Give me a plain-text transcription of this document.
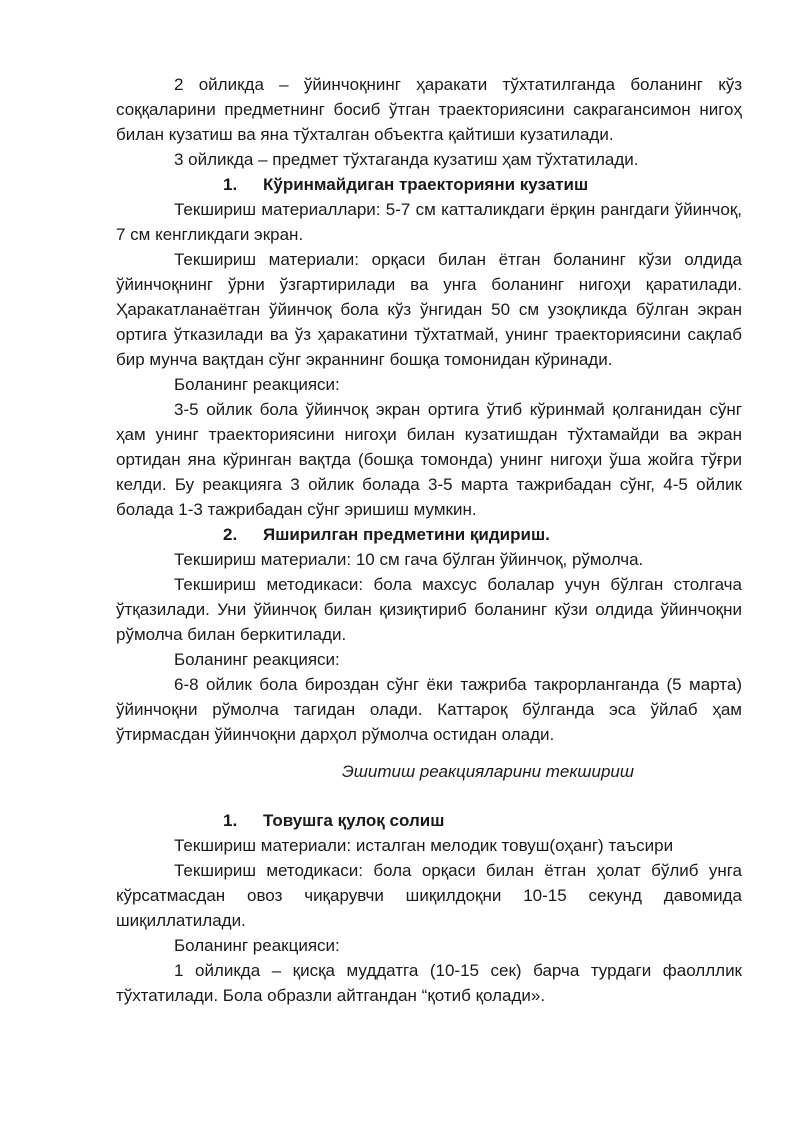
2 ойликда – ўйинчоқнинг ҳаракати тўхтатилганда боланинг кўз соққаларини предметнинг босиб ўтган траекториясини сакрагансимон нигоҳ билан кузатиш ва яна тўхталган объектга қайтиши кузатилади.

3 ойликда – предмет тўхтаганда кузатиш ҳам тўхтатилади.

1.	Кўринмайдиган траекторияни кузатиш

Текшириш материаллари: 5-7 см катталикдаги ёрқин рангдаги ўйинчоқ, 7 см кенгликдаги экран.

Текшириш материали: орқаси билан ётган боланинг кўзи олдида ўйинчоқнинг ўрни ўзгартирилади ва унга боланинг нигоҳи қаратилади. Ҳаракатланаётган ўйинчоқ бола кўз ўнгидан 50 см узоқликда бўлган экран ортига ўтказилади ва ўз ҳаракатини тўхтатмай, унинг траекториясини сақлаб бир мунча вақтдан сўнг экраннинг бошқа томонидан кўринади.

Боланинг реакцияси:

3-5 ойлик бола ўйинчоқ экран ортига ўтиб кўринмай қолганидан сўнг ҳам унинг траекториясини нигоҳи билан кузатишдан тўхтамайди ва экран ортидан яна кўринган вақтда (бошқа томонда) унинг нигоҳи ўша жойга тўғри келди. Бу реакцияга 3 ойлик болада 3-5 марта тажрибадан сўнг, 4-5 ойлик болада 1-3 тажрибадан сўнг эришиш мумкин.

2.	Яширилган предметини қидириш.

Текшириш материали: 10 см гача бўлган ўйинчоқ, рўмолча.

Текшириш методикаси: бола махсус болалар учун бўлган столгача ўтқазилади. Уни ўйинчоқ билан қизиқтириб боланинг кўзи олдида ўйинчоқни рўмолча билан беркитилади.

Боланинг реакцияси:

6-8 ойлик бола бироздан сўнг ёки тажриба такрорланганда (5 марта) ўйинчоқни рўмолча тагидан олади. Каттароқ бўлганда эса ўйлаб ҳам ўтирмасдан ўйинчоқни дарҳол рўмолча остидан олади.

Эшитиш реакцияларини текшириш

1.	Товушга қулоқ солиш

Текшириш материали: исталган мелодик товуш(оҳанг) таъсири

Текшириш методикаси: бола орқаси билан ётган ҳолат бўлиб унга кўрсатмасдан овоз чиқарувчи шиқилдоқни 10-15 секунд давомида шиқиллатилади.

Боланинг реакцияси:

1 ойликда – қисқа муддатга (10-15 сек) барча турдаги фаолллик тўхтатилади. Бола образли айтгандан “қотиб қолади».
